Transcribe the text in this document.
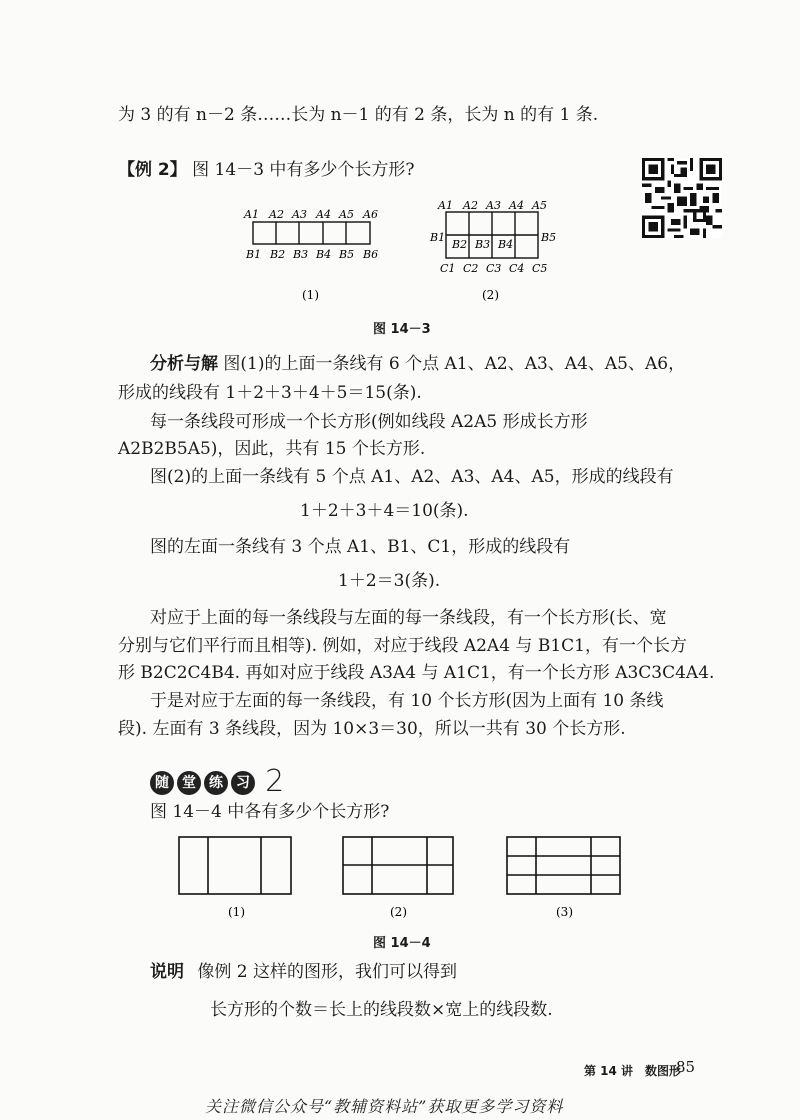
为 3 的有 n－2 条……长为 n－1 的有 2 条，长为 n 的有 1 条.
【例 2】 图 14－3 中有多少个长方形?
A1 A2 A3 A4 A5 A6
B1 B2 B3 B4 B5 B6
(1)
A1 A2 A3 A4 A5
B1
B2 B3 B4
B5
C1 C2 C3 C4 C5
(2)
图 14－3
分析与解 图(1)的上面一条线有 6 个点 A1、A2、A3、A4、A5、A6，
形成的线段有 1＋2＋3＋4＋5＝15(条).
每一条线段可形成一个长方形(例如线段 A2A5 形成长方形
A2B2B5A5)，因此，共有 15 个长方形.
图(2)的上面一条线有 5 个点 A1、A2、A3、A4、A5，形成的线段有
1＋2＋3＋4＝10(条).
图的左面一条线有 3 个点 A1、B1、C1，形成的线段有
1＋2＝3(条).
对应于上面的每一条线段与左面的每一条线段，有一个长方形(长、宽
分别与它们平行而且相等). 例如，对应于线段 A2A4 与 B1C1，有一个长方
形 B2C2C4B4. 再如对应于线段 A3A4 与 A1C1，有一个长方形 A3C3C4A4.
于是对应于左面的每一条线段，有 10 个长方形(因为上面有 10 条线
段). 左面有 3 条线段，因为 10×3＝30，所以一共有 30 个长方形.
随 堂 练 习 2
图 14－4 中各有多少个长方形?
(1)	(2)	(3)
图 14－4
说明 像例 2 这样的图形，我们可以得到
长方形的个数＝长上的线段数×宽上的线段数.
第 14 讲　数图形
85
关注微信公众号“教辅资料站”获取更多学习资料
